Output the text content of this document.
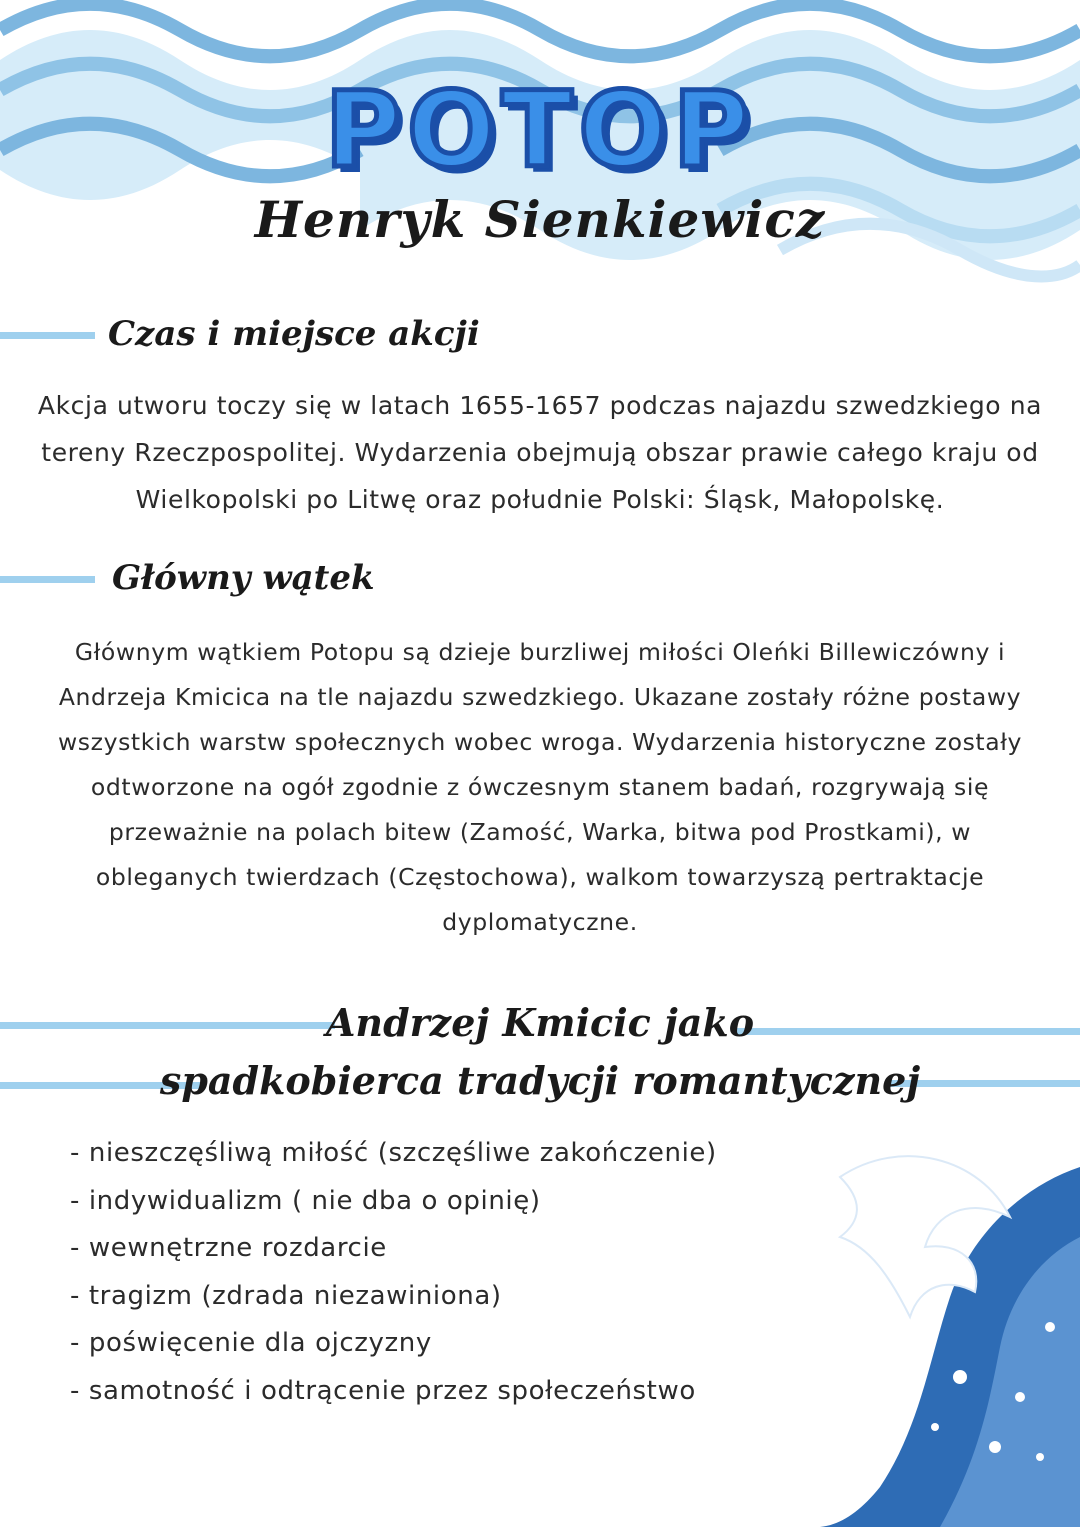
POTOP
Henryk Sienkiewicz
Czas i miejsce akcji
Akcja utworu toczy się w latach 1655-1657 podczas najazdu szwedzkiego na
tereny Rzeczpospolitej. Wydarzenia obejmują obszar prawie całego kraju od
Wielkopolski po Litwę oraz południe Polski: Śląsk, Małopolskę.
Główny wątek
Głównym wątkiem Potopu są dzieje burzliwej miłości Oleńki Billewiczówny i
Andrzeja Kmicica na tle najazdu szwedzkiego. Ukazane zostały różne postawy
wszystkich warstw społecznych wobec wroga. Wydarzenia historyczne zostały
odtworzone na ogół zgodnie z ówczesnym stanem badań, rozgrywają się
przeważnie na polach bitew (Zamość, Warka, bitwa pod Prostkami), w
obleganych twierdzach (Częstochowa), walkom towarzyszą pertraktacje
dyplomatyczne.
Andrzej Kmicic jako
spadkobierca tradycji romantycznej
- nieszczęśliwą miłość (szczęśliwe zakończenie)
- indywidualizm ( nie dba o opinię)
- wewnętrzne rozdarcie
- tragizm (zdrada niezawiniona)
- poświęcenie dla ojczyzny
- samotność i odtrącenie przez społeczeństwo
